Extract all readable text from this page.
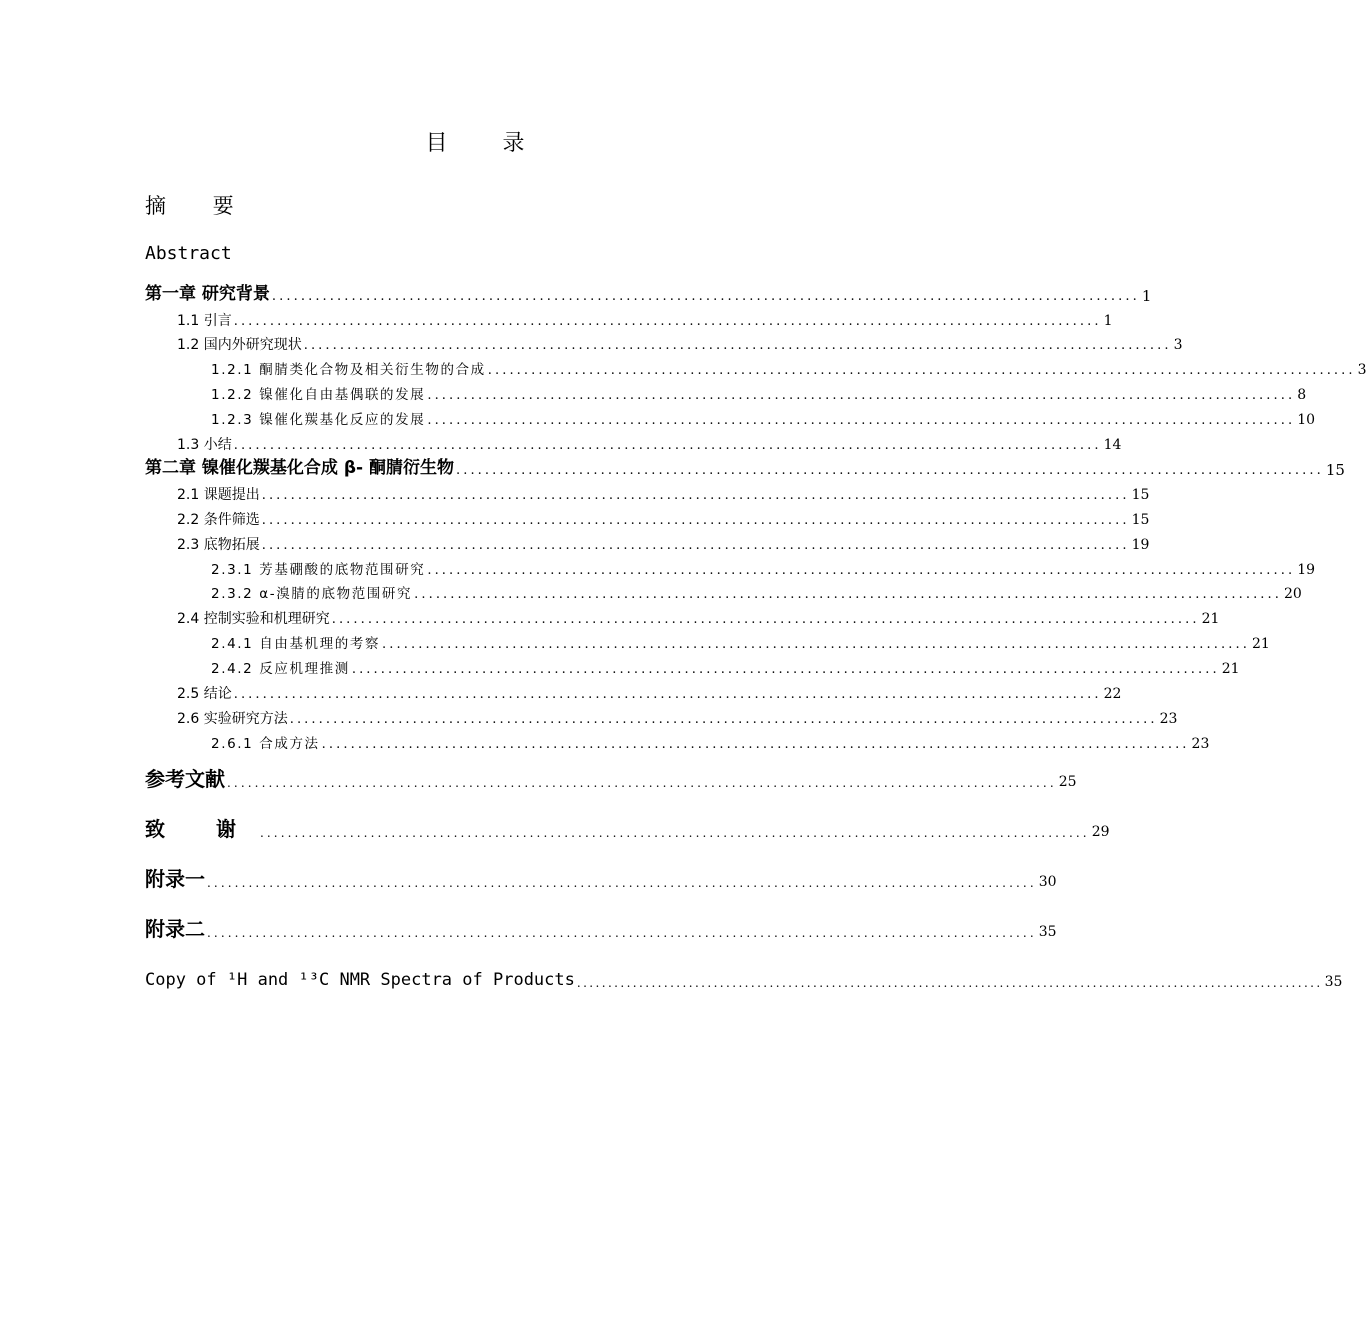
目 录
摘 要
Abstract
第一章 研究背景 ........................................................................................................................ 1
1.1 引言 ........................................................................................................................ 1
1.2 国内外研究现状 ........................................................................................................................ 3
1.2.1 酮腈类化合物及相关衍生物的合成 ........................................................................................................................ 3
1.2.2 镍催化自由基偶联的发展 ........................................................................................................................ 8
1.2.3 镍催化羰基化反应的发展 ........................................................................................................................ 10
1.3 小结 ........................................................................................................................ 14
第二章 镍催化羰基化合成 β- 酮腈衍生物 ........................................................................................................................ 15
2.1 课题提出 ........................................................................................................................ 15
2.2 条件筛选 ........................................................................................................................ 15
2.3 底物拓展 ........................................................................................................................ 19
2.3.1 芳基硼酸的底物范围研究 ........................................................................................................................ 19
2.3.2 α-溴腈的底物范围研究 ........................................................................................................................ 20
2.4 控制实验和机理研究 ........................................................................................................................ 21
2.4.1 自由基机理的考察 ........................................................................................................................ 21
2.4.2 反应机理推测 ........................................................................................................................ 21
2.5 结论 ........................................................................................................................ 22
2.6 实验研究方法 ........................................................................................................................ 23
2.6.1 合成方法 ........................................................................................................................ 23
参考文献 ........................................................................................................................ 25
致 谢 ........................................................................................................................ 29
附录一 ........................................................................................................................ 30
附录二 ........................................................................................................................ 35
Copy of ¹H and ¹³C NMR Spectra of Products ........................................................................................................................ 35
